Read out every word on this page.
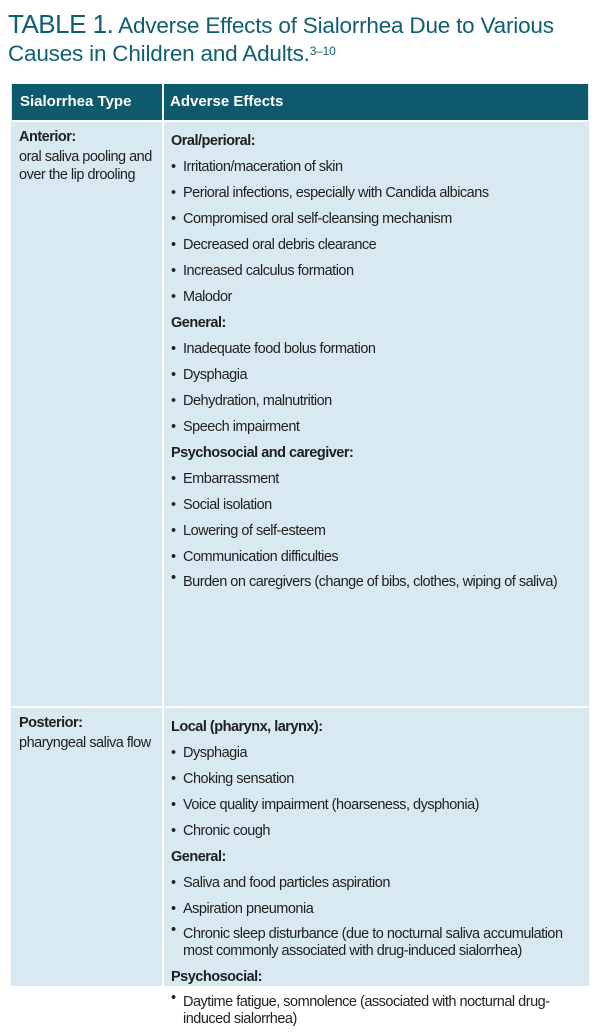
TABLE 1. Adverse Effects of Sialorrhea Due to Various Causes in Children and Adults.$^{3-10}$
Sialorrhea Type	Adverse Effects
Anterior:
oral saliva pooling and over the lip drooling
Oral/perioral:
• Irritation/maceration of skin
• Perioral infections, especially with Candida albicans
• Compromised oral self-cleansing mechanism
• Decreased oral debris clearance
• Increased calculus formation
• Malodor
General:
• Inadequate food bolus formation
• Dysphagia
• Dehydration, malnutrition
• Speech impairment
Psychosocial and caregiver:
• Embarrassment
• Social isolation
• Lowering of self-esteem
• Communication difficulties
• Burden on caregivers (change of bibs, clothes, wiping of saliva)
Posterior:
pharyngeal saliva flow
Local (pharynx, larynx):
• Dysphagia
• Choking sensation
• Voice quality impairment (hoarseness, dysphonia)
• Chronic cough
General:
• Saliva and food particles aspiration
• Aspiration pneumonia
• Chronic sleep disturbance (due to nocturnal saliva accumulation most commonly associated with drug-induced sialorrhea)
Psychosocial:
• Daytime fatigue, somnolence (associated with nocturnal drug-induced sialorrhea)
